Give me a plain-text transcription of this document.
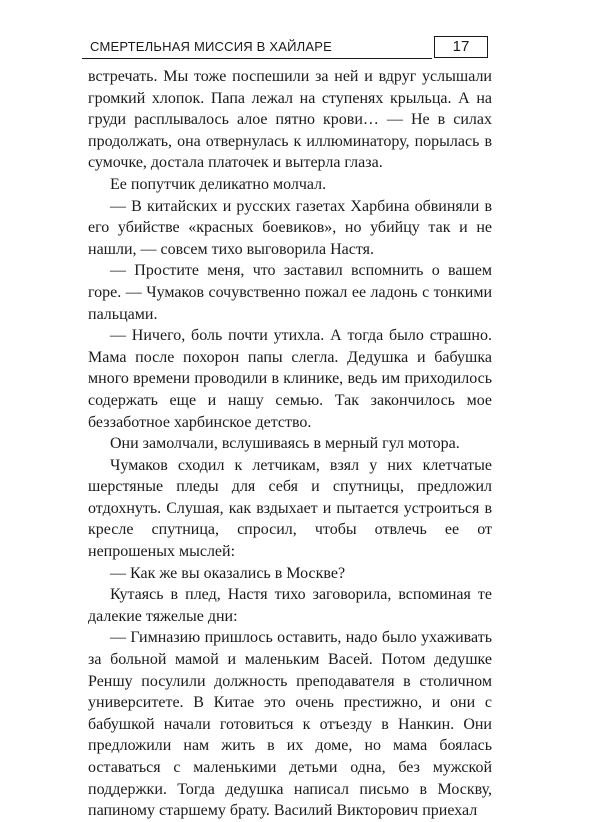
СМЕРТЕЛЬНАЯ МИССИЯ В ХАЙЛАРЕ	17

встречать. Мы тоже поспешили за ней и вдруг услышали громкий хлопок. Папа лежал на ступенях крыльца. А на груди расплывалось алое пятно крови… — Не в силах продолжать, она отвернулась к иллюминатору, порылась в сумочке, достала платочек и вытерла глаза.

Ее попутчик деликатно молчал.

— В китайских и русских газетах Харбина обвиняли в его убийстве «красных боевиков», но убийцу так и не нашли, — совсем тихо выговорила Настя.

— Простите меня, что заставил вспомнить о вашем горе. — Чумаков сочувственно пожал ее ладонь с тонкими пальцами.

— Ничего, боль почти утихла. А тогда было страшно. Мама после похорон папы слегла. Дедушка и бабушка много времени проводили в клинике, ведь им приходилось содержать еще и нашу семью. Так закончилось мое беззаботное харбинское детство.

Они замолчали, вслушиваясь в мерный гул мотора.

Чумаков сходил к летчикам, взял у них клетчатые шерстяные пледы для себя и спутницы, предложил отдохнуть. Слушая, как вздыхает и пытается устроиться в кресле спутница, спросил, чтобы отвлечь ее от непрошеных мыслей:

— Как же вы оказались в Москве?

Кутаясь в плед, Настя тихо заговорила, вспоминая те далекие тяжелые дни:

— Гимназию пришлось оставить, надо было ухаживать за больной мамой и маленьким Васей. Потом дедушке Реншу посулили должность преподавателя в столичном университете. В Китае это очень престижно, и они с бабушкой начали готовиться к отъезду в Нанкин. Они предложили нам жить в их доме, но мама боялась оставаться с маленькими детьми одна, без мужской поддержки. Тогда дедушка написал письмо в Москву, папиному старшему брату. Василий Викторович приехал
